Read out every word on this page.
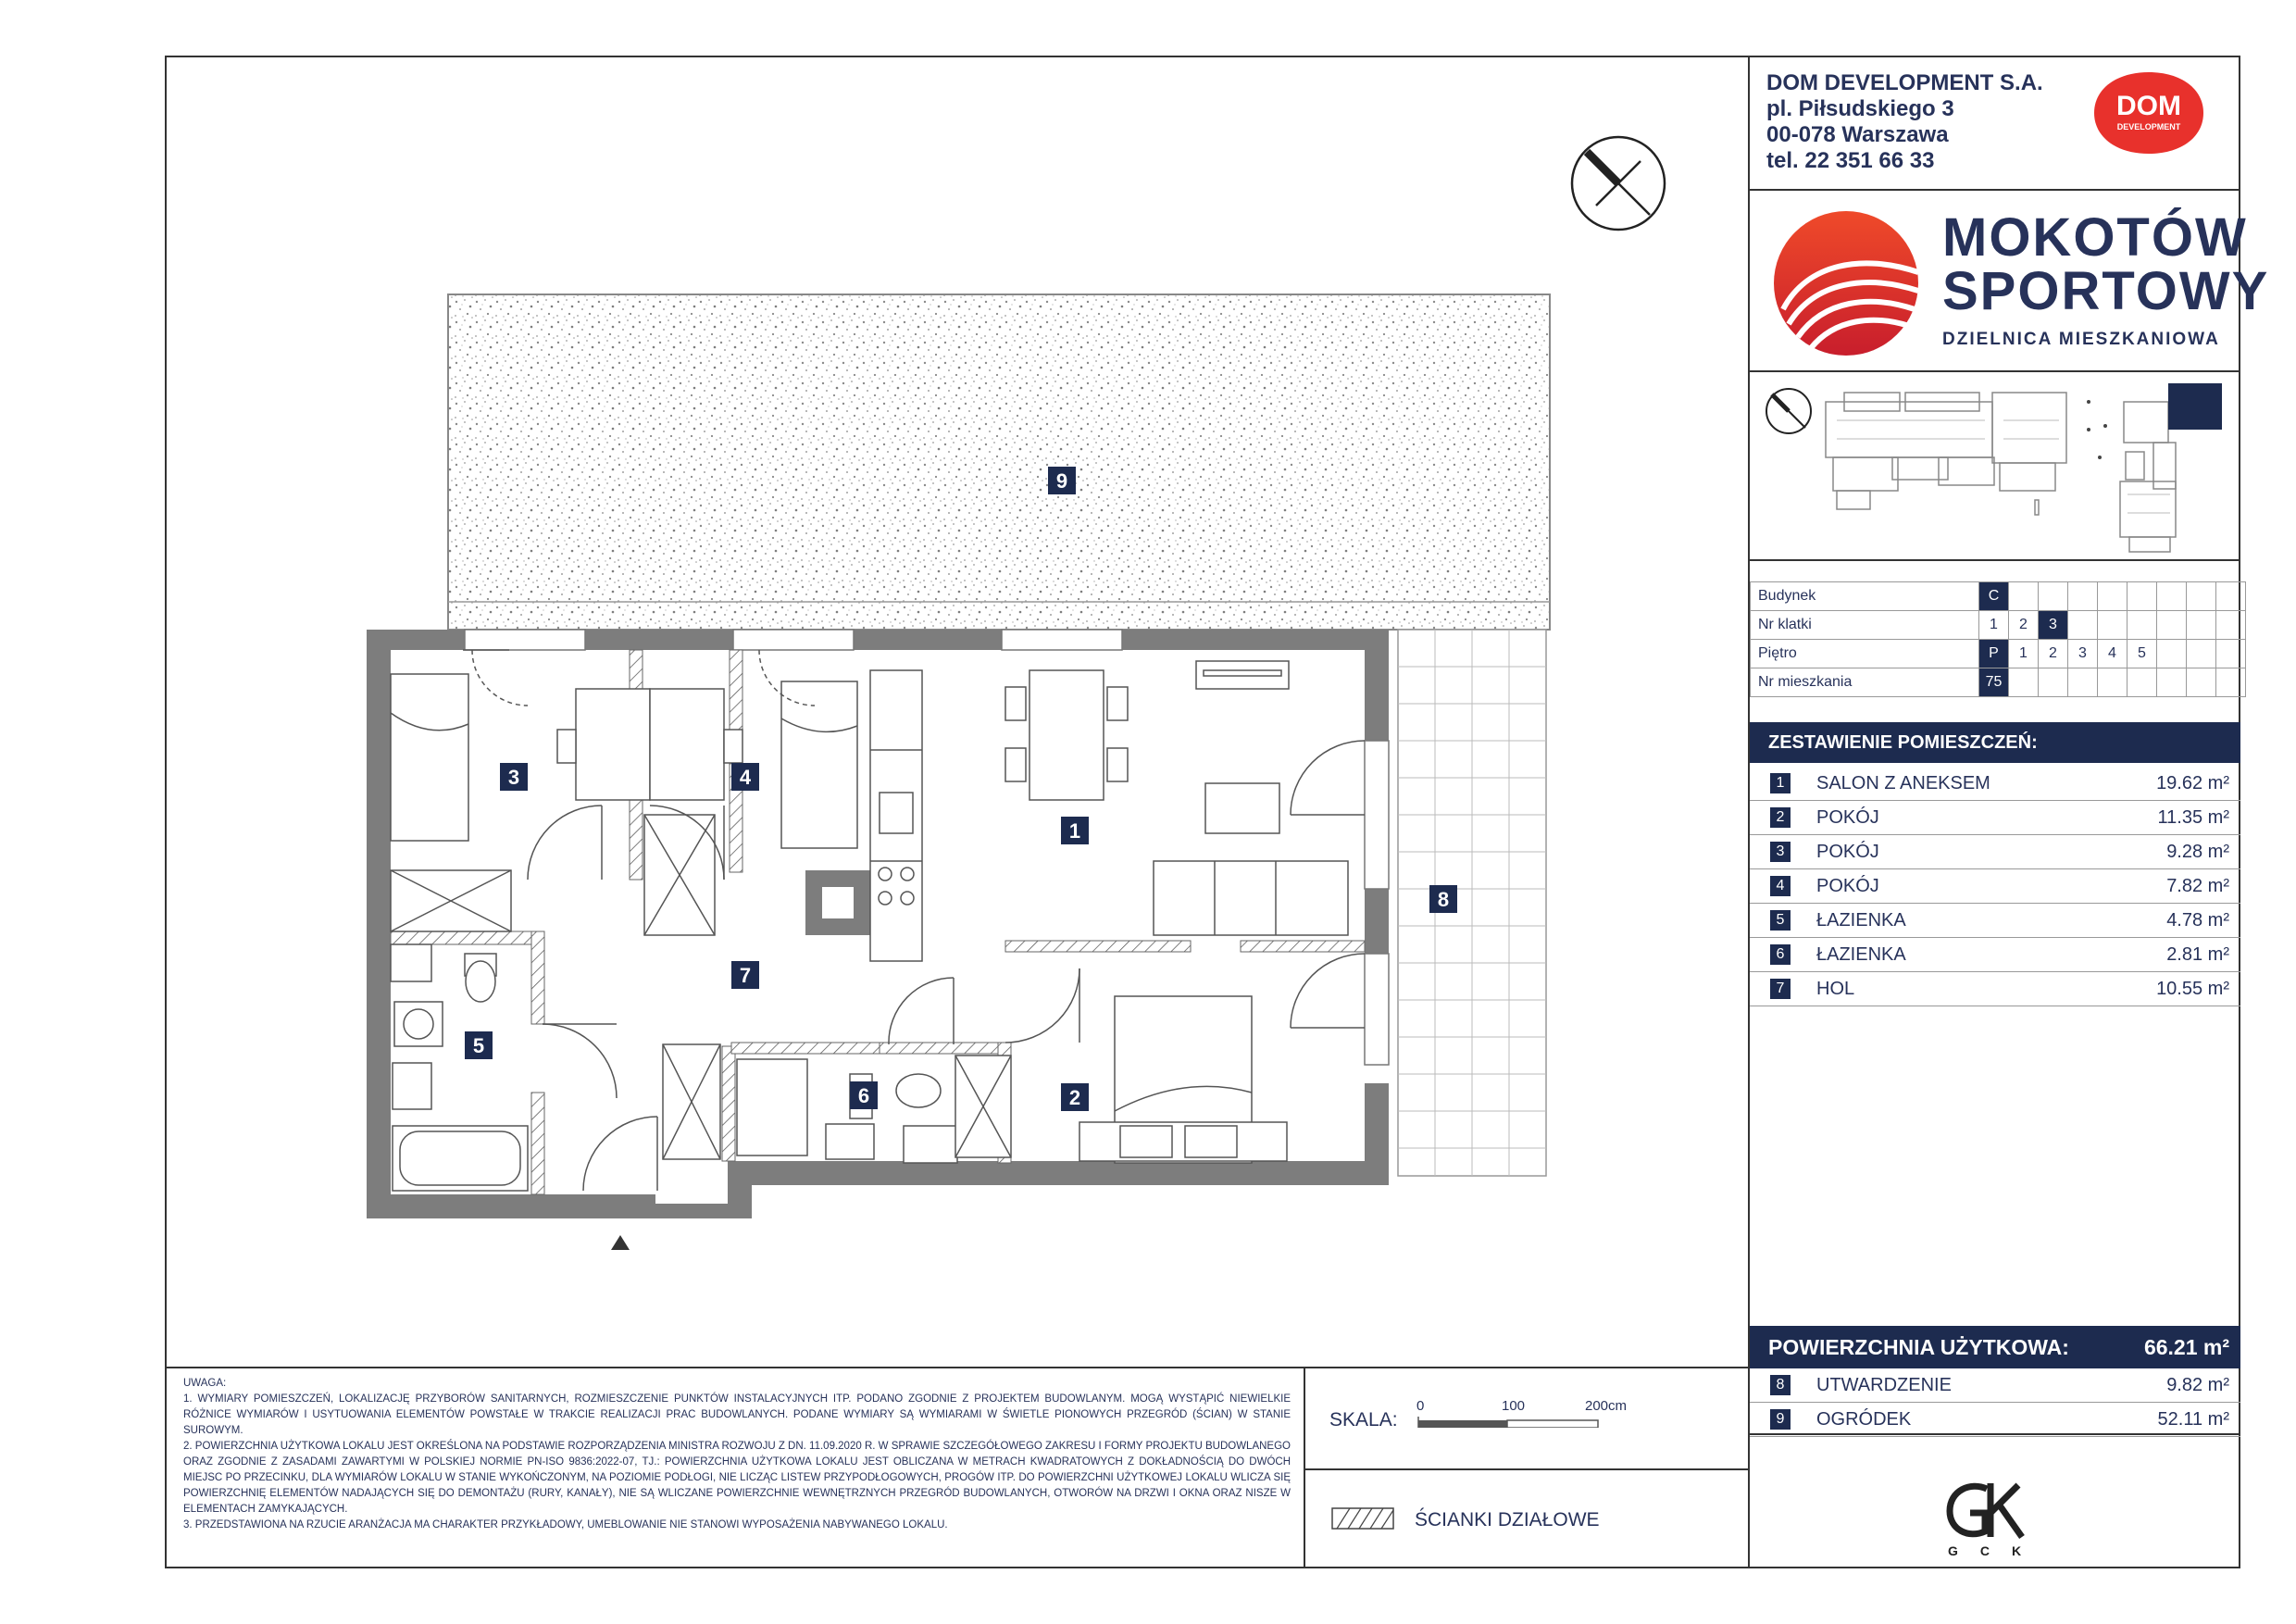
DOM DEVELOPMENT S.A.
pl. Piłsudskiego 3
00-078 Warszawa
tel. 22 351 66 33
DOM
DEVELOPMENT
MOKOTÓW
SPORTOWY
DZIELNICA MIESZKANIOWA
Budynek	C								
Nr klatki	1	2	3						
Piętro	P	1	2	3	4	5			
Nr mieszkania	75								
ZESTAWIENIE POMIESZCZEŃ:
1	SALON Z ANEKSEM	19.62 m²
2	POKÓJ	11.35 m²
3	POKÓJ	9.28 m²
4	POKÓJ	7.82 m²
5	ŁAZIENKA	4.78 m²
6	ŁAZIENKA	2.81 m²
7	HOL	10.55 m²
POWIERZCHNIA UŻYTKOWA:	66.21 m²
8	UTWARDZENIE	9.82 m²
9	OGRÓDEK	52.11 m²

UWAGA:

1. WYMIARY POMIESZCZEŃ, LOKALIZACJĘ PRZYBORÓW SANITARNYCH, ROZMIESZCZENIE PUNKTÓW INSTALACYJNYCH ITP. PODANO ZGODNIE Z PROJEKTEM BUDOWLANYM. MOGĄ WYSTĄPIĆ NIEWIELKIE RÓŻNICE WYMIARÓW I USYTUOWANIA ELEMENTÓW POWSTAŁE W TRAKCIE REALIZACJI PRAC BUDOWLANYCH. PODANE WYMIARY SĄ WYMIARAMI W ŚWIETLE PIONOWYCH PRZEGRÓD (ŚCIAN) W STANIE SUROWYM.

2. POWIERZCHNIA UŻYTKOWA LOKALU JEST OKREŚLONA NA PODSTAWIE ROZPORZĄDZENIA MINISTRA ROZWOJU Z DN. 11.09.2020 R. W SPRAWIE SZCZEGÓŁOWEGO ZAKRESU I FORMY PROJEKTU BUDOWLANEGO ORAZ ZGODNIE Z ZASADAMI ZAWARTYMI W POLSKIEJ NORMIE PN-ISO 9836:2022-07, TJ.: POWIERZCHNIA UŻYTKOWA LOKALU JEST OBLICZANA W METRACH KWADRATOWYCH Z DOKŁADNOŚCIĄ DO DWÓCH MIEJSC PO PRZECINKU, DLA WYMIARÓW LOKALU W STANIE WYKOŃCZONYM, NA POZIOMIE PODŁOGI, NIE LICZĄC LISTEW PRZYPODŁOGOWYCH, PROGÓW ITP. DO POWIERZCHNI UŻYTKOWEJ LOKALU WLICZA SIĘ POWIERZCHNIĘ ELEMENTÓW NADAJĄCYCH SIĘ DO DEMONTAŻU (RURY, KANAŁY), NIE SĄ WLICZANE POWIERZCHNIE WEWNĘTRZNYCH PRZEGRÓD BUDOWLANYCH, OTWORÓW NA DRZWI I OKNA ORAZ NISZE W ELEMENTACH ZAMYKAJĄCYCH.

3. PRZEDSTAWIONA NA RZUCIE ARANŻACJA MA CHARAKTER PRZYKŁADOWY, UMEBLOWANIE NIE STANOWI WYPOSAŻENIA NABYWANEGO LOKALU.

SKALA:
0	100	200cm
ŚCIANKI DZIAŁOWE
GCK
1
2
3	4
5
6
7
8
9
